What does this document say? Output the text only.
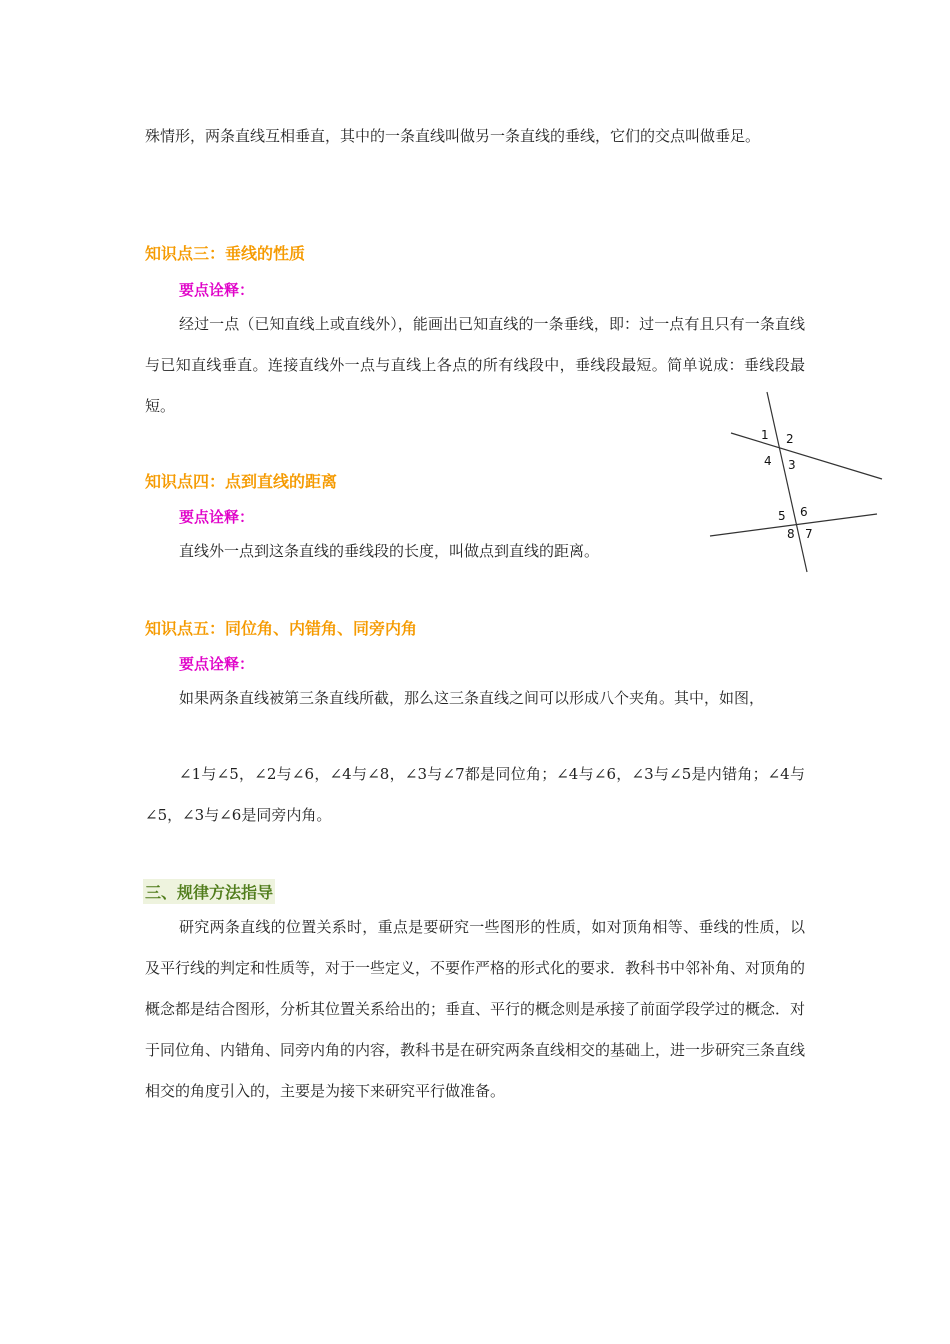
殊情形，两条直线互相垂直，其中的一条直线叫做另一条直线的垂线，它们的交点叫做垂足。

知识点三：垂线的性质
要点诠释：

经过一点（已知直线上或直线外），能画出已知直线的一条垂线，即：过一点有且只有一条直线与已知直线垂直。连接直线外一点与直线上各点的所有线段中，垂线段最短。简单说成：垂线段最短。

知识点四：点到直线的距离
要点诠释：

直线外一点到这条直线的垂线段的长度，叫做点到直线的距离。

1 2
3
4
5 6
7
8
知识点五：同位角、内错角、同旁内角
要点诠释：

如果两条直线被第三条直线所截，那么这三条直线之间可以形成八个夹角。其中，如图，

∠1与∠5，∠2与∠6，∠4与∠8，∠3与∠7都是同位角；∠4与∠6，∠3与∠5是内错角；∠4与∠5，∠3与∠6是同旁内角。

三、规律方法指导

研究两条直线的位置关系时，重点是要研究一些图形的性质，如对顶角相等、垂线的性质，以及平行线的判定和性质等，对于一些定义，不要作严格的形式化的要求．教科书中邻补角、对顶角的概念都是结合图形，分析其位置关系给出的；垂直、平行的概念则是承接了前面学段学过的概念．对于同位角、内错角、同旁内角的内容，教科书是在研究两条直线相交的基础上，进一步研究三条直线相交的角度引入的，主要是为接下来研究平行做准备。
